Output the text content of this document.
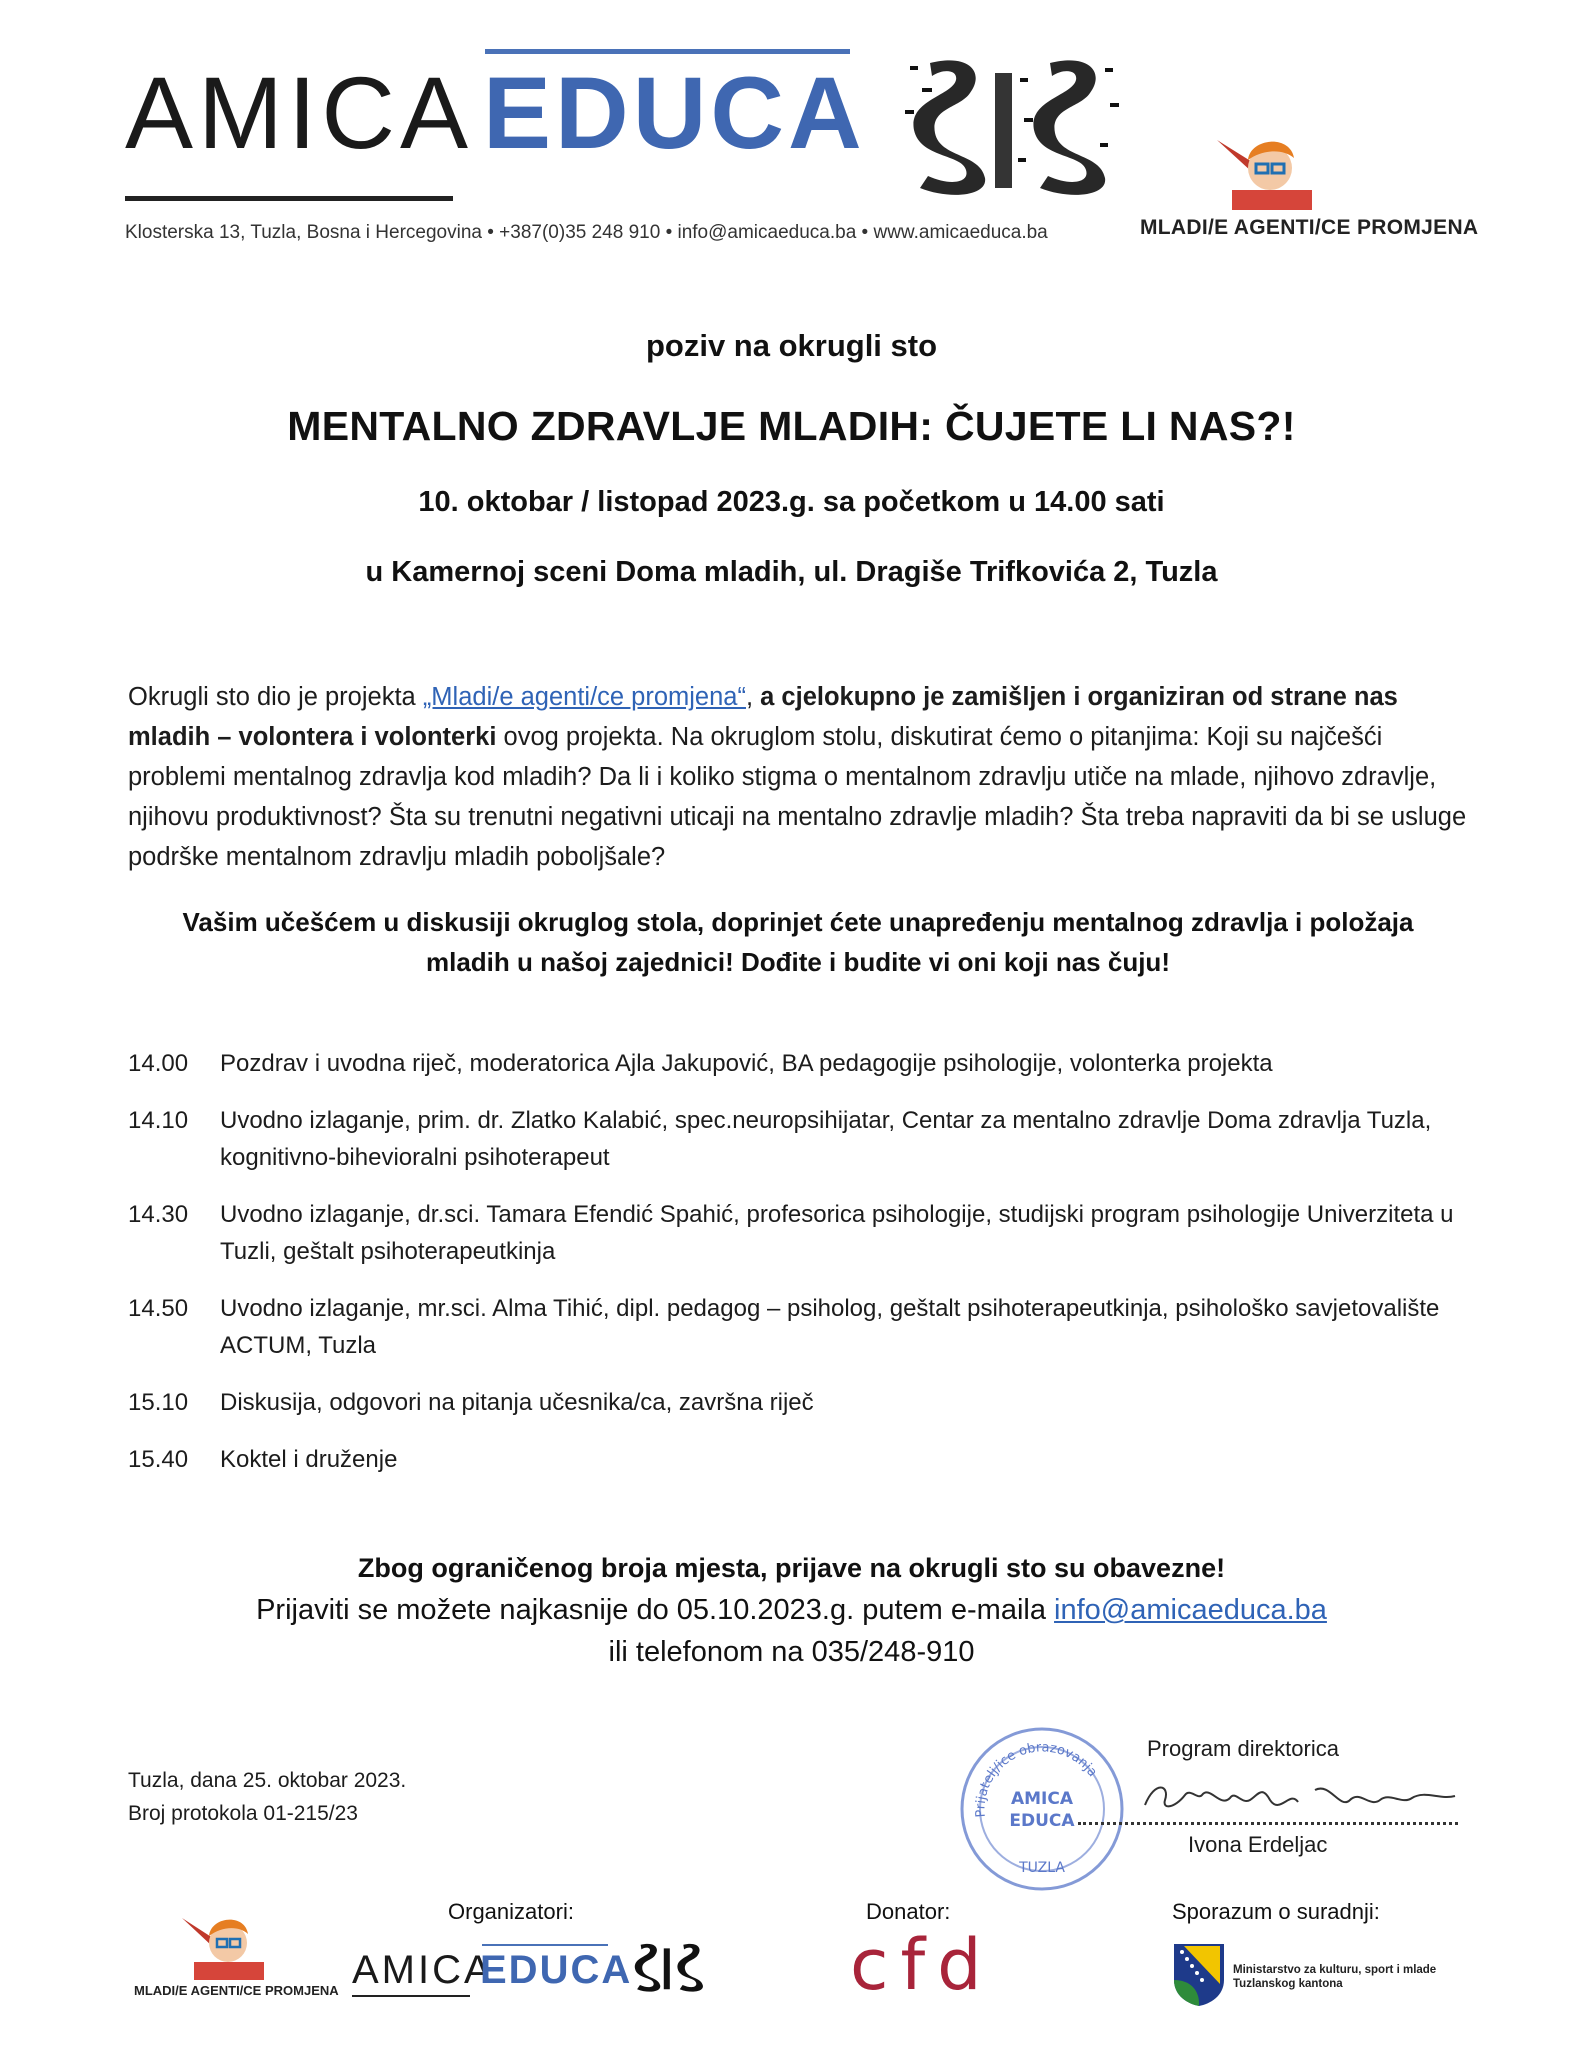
AMICA EDUCA
MLADI/E AGENTI/CE PROMJENA
Klosterska 13, Tuzla, Bosna i Hercegovina • +387(0)35 248 910 • info@amicaeduca.ba • www.amicaeduca.ba
poziv na okrugli sto
MENTALNO ZDRAVLJE MLADIH: ČUJETE LI NAS?!
10. oktobar / listopad 2023.g. sa početkom u 14.00 sati
u Kamernoj sceni Doma mladih, ul. Dragiše Trifkovića 2, Tuzla
Okrugli sto dio je projekta „Mladi/e agenti/ce promjena“, a cjelokupno je zamišljen i organiziran od strane nas mladih – volontera i volonterki ovog projekta. Na okruglom stolu, diskutirat ćemo o pitanjima: Koji su najčešći problemi mentalnog zdravlja kod mladih? Da li i koliko stigma o mentalnom zdravlju utiče na mlade, njihovo zdravlje, njihovu produktivnost? Šta su trenutni negativni uticaji na mentalno zdravlje mladih? Šta treba napraviti da bi se usluge podrške mentalnom zdravlju mladih poboljšale?
Vašim učešćem u diskusiji okruglog stola, doprinjet ćete unapređenju mentalnog zdravlja i položaja
mladih u našoj zajednici! Dođite i budite vi oni koji nas čuju!
14.00	Pozdrav i uvodna riječ, moderatorica Ajla Jakupović, BA pedagogije psihologije, volonterka projekta
14.10	Uvodno izlaganje, prim. dr. Zlatko Kalabić, spec.neuropsihijatar, Centar za mentalno zdravlje Doma zdravlja Tuzla, kognitivno-bihevioralni psihoterapeut
14.30	Uvodno izlaganje, dr.sci. Tamara Efendić Spahić, profesorica psihologije, studijski program psihologije Univerziteta u Tuzli, geštalt psihoterapeutkinja
14.50	Uvodno izlaganje, mr.sci. Alma Tihić, dipl. pedagog – psiholog, geštalt psihoterapeutkinja, psihološko savjetovalište ACTUM, Tuzla
15.10	Diskusija, odgovori na pitanja učesnika/ca, završna riječ
15.40	Koktel i druženje
Zbog ograničenog broja mjesta, prijave na okrugli sto su obavezne!
Prijaviti se možete najkasnije do 05.10.2023.g. putem e-maila info@amicaeduca.ba
ili telefonom na 035/248-910
Tuzla, dana 25. oktobar 2023.
Broj protokola 01-215/23	Prijatelj/ice obrazovanja
AMICA
EDUCA
TUZLA
Program direktorica
Ivona Erdeljac
Organizatori:	Donator:	Sporazum o suradnji:
MLADI/E AGENTI/CE PROMJENA AMICA
EDUCA	cfd	Ministarstvo za kulturu, sport i mlade Tuzlanskog kantona
